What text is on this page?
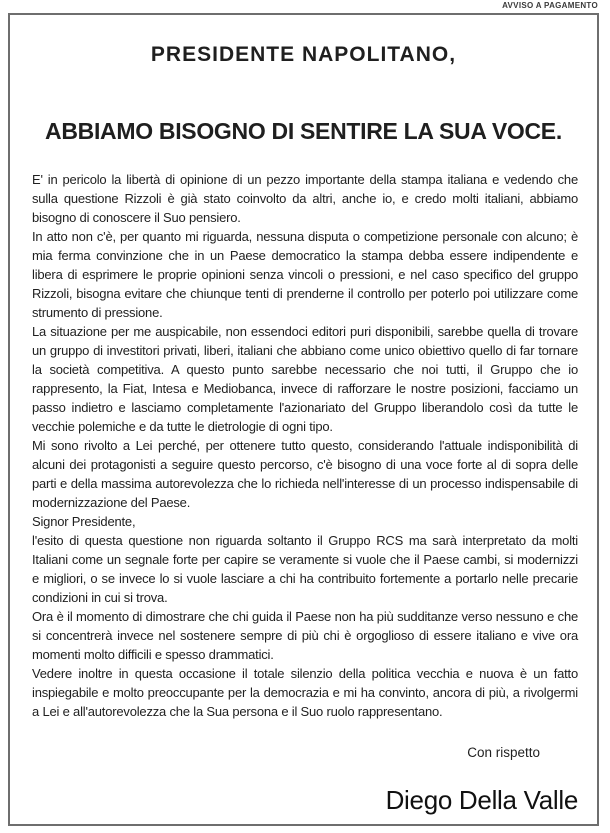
AVVISO A PAGAMENTO
PRESIDENTE NAPOLITANO,
ABBIAMO BISOGNO DI SENTIRE LA SUA VOCE.

E' in pericolo la libertà di opinione di un pezzo importante della stampa italiana e vedendo che sulla questione Rizzoli è già stato coinvolto da altri, anche io, e credo molti italiani, abbiamo bisogno di conoscere il Suo pensiero.

In atto non c'è, per quanto mi riguarda, nessuna disputa o competizione personale con alcuno; è mia ferma convinzione che in un Paese democratico la stampa debba essere indipendente e libera di esprimere le proprie opinioni senza vincoli o pressioni, e nel caso specifico del gruppo Rizzoli, bisogna evitare che chiunque tenti di prenderne il controllo per poterlo poi utilizzare come strumento di pressione.

La situazione per me auspicabile, non essendoci editori puri disponibili, sarebbe quella di trovare un gruppo di investitori privati, liberi, italiani che abbiano come unico obiettivo quello di far tornare la società competitiva. A questo punto sarebbe necessario che noi tutti, il Gruppo che io rappresento, la Fiat, Intesa e Mediobanca, invece di rafforzare le nostre posizioni, facciamo un passo indietro e lasciamo completamente l'azionariato del Gruppo liberandolo così da tutte le vecchie polemiche e da tutte le dietrologie di ogni tipo.

Mi sono rivolto a Lei perché, per ottenere tutto questo, considerando l'attuale indisponibilità di alcuni dei protagonisti a seguire questo percorso, c'è bisogno di una voce forte al di sopra delle parti e della massima autorevolezza che lo richieda nell'interesse di un processo indispensabile di modernizzazione del Paese.

Signor Presidente,

l'esito di questa questione non riguarda soltanto il Gruppo RCS ma sarà interpretato da molti Italiani come un segnale forte per capire se veramente si vuole che il Paese cambi, si modernizzi e migliori, o se invece lo si vuole lasciare a chi ha contribuito fortemente a portarlo nelle precarie condizioni in cui si trova.

Ora è il momento di dimostrare che chi guida il Paese non ha più sudditanze verso nessuno e che si concentrerà invece nel sostenere sempre di più chi è orgoglioso di essere italiano e vive ora momenti molto difficili e spesso drammatici.

Vedere inoltre in questa occasione il totale silenzio della politica vecchia e nuova è un fatto inspiegabile e molto preoccupante per la democrazia e mi ha convinto, ancora di più, a rivolgermi a Lei e all'autorevolezza che la Sua persona e il Suo ruolo rappresentano.

Con rispetto
Diego Della Valle
